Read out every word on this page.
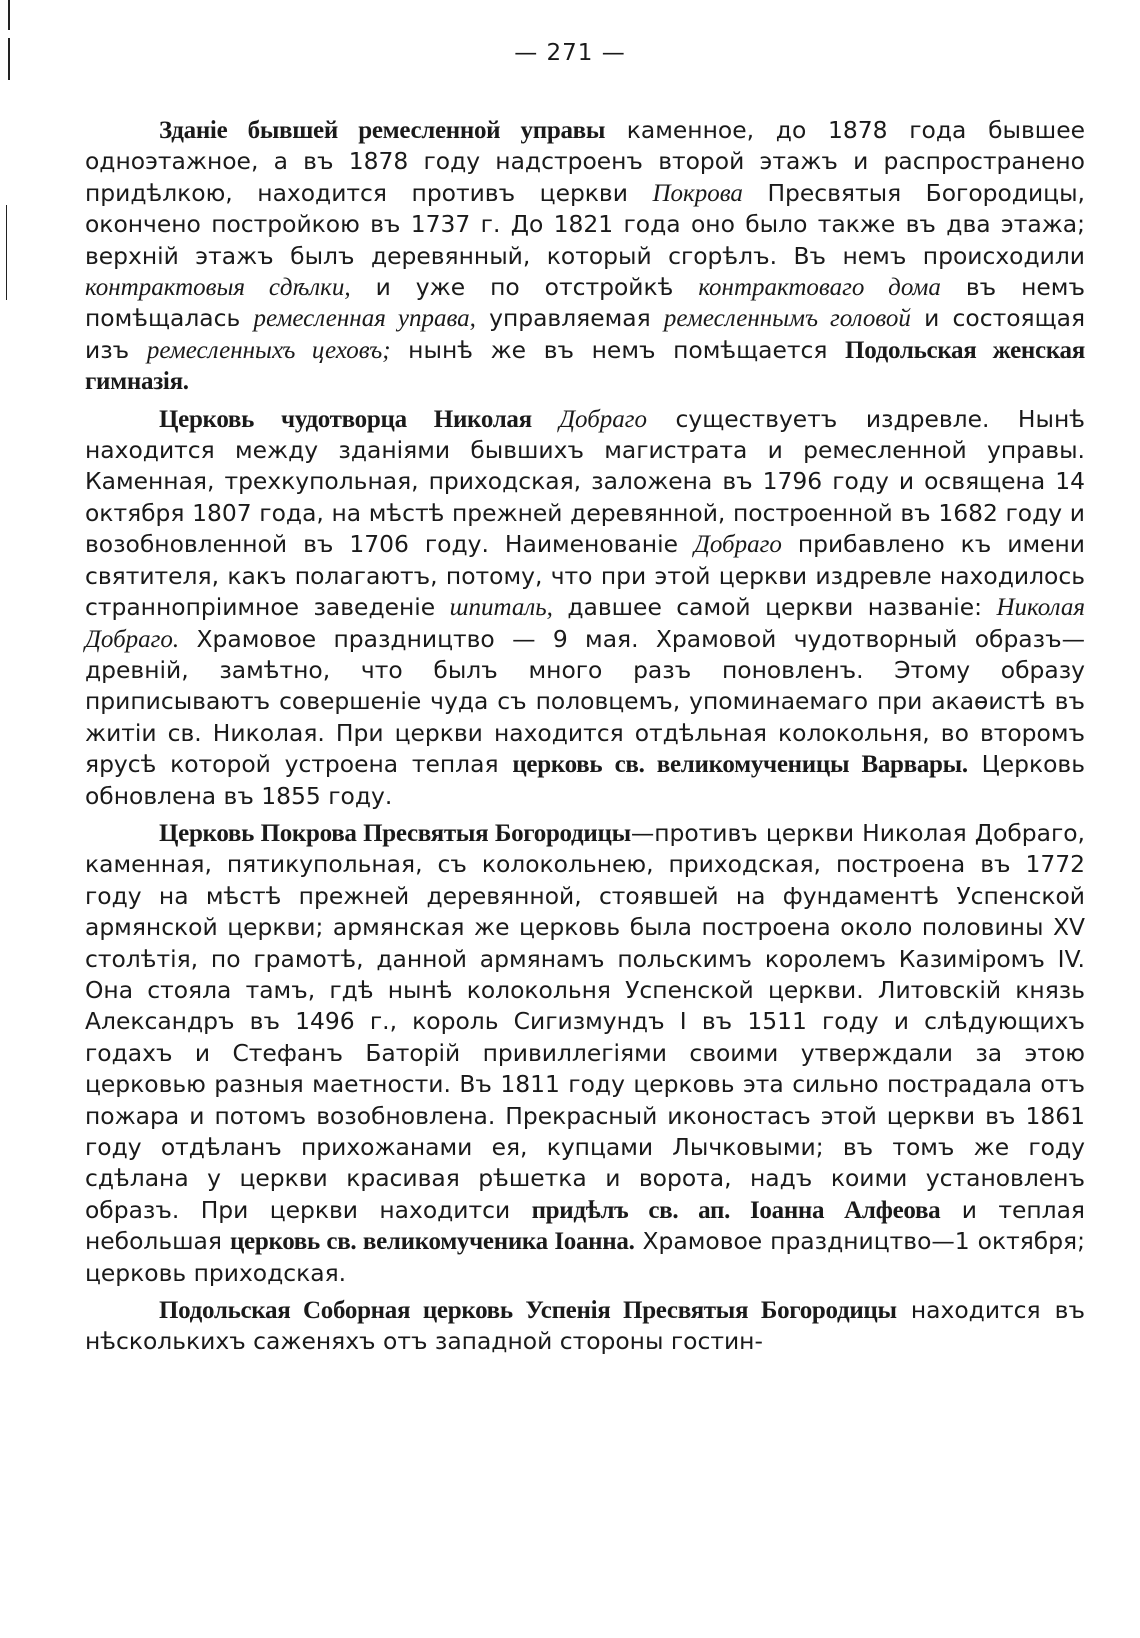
— 271 —

Зданіе бывшей ремесленной управы каменное, до 1878 года бывшее одноэтажное, а въ 1878 году надстроенъ второй этажъ и распространено придѣлкою, находится противъ церкви Покрова Пресвятыя Богородицы, окончено постройкою въ 1737 г. До 1821 года оно было также въ два этажа; верхній этажъ былъ деревянный, который сгорѣлъ. Въ немъ происходили контрактовыя сдѣлки, и уже по отстройкѣ контрактоваго дома въ немъ помѣщалась ремесленная управа, управляемая ремесленнымъ головой и состоящая изъ ремесленныхъ цеховъ; нынѣ же въ немъ помѣщается Подольская женская гимназія.

Церковь чудотворца Николая Добраго существуетъ издревле. Нынѣ находится между зданіями бывшихъ магистрата и ремесленной управы. Каменная, трехкупольная, приходская, заложена въ 1796 году и освящена 14 октября 1807 года, на мѣстѣ прежней деревянной, построенной въ 1682 году и возобновленной въ 1706 году. Наименованіе Добраго прибавлено къ имени святителя, какъ полагаютъ, потому, что при этой церкви издревле находилось страннопріимное заведеніе шпиталь, давшее самой церкви названіе: Николая Добраго. Храмовое праздництво — 9 мая. Храмовой чудотворный образъ—древній, замѣтно, что былъ много разъ поновленъ. Этому образу приписываютъ совершеніе чуда съ половцемъ, упоминаемаго при акаѳистѣ въ житіи св. Николая. При церкви находится отдѣльная колокольня, во второмъ ярусѣ которой устроена теплая церковь св. великомученицы Варвары. Церковь обновлена въ 1855 году.

Церковь Покрова Пресвятыя Богородицы—противъ церкви Николая Добраго, каменная, пятикупольная, съ колокольнею, приходская, построена въ 1772 году на мѣстѣ прежней деревянной, стоявшей на фундаментѣ Успенской армянской церкви; армянская же церковь была построена около половины XV столѣтія, по грамотѣ, данной армянамъ польскимъ королемъ Казиміромъ IV. Она стояла тамъ, гдѣ нынѣ колокольня Успенской церкви. Литовскій князь Александръ въ 1496 г., король Сигизмундъ I въ 1511 году и слѣдующихъ годахъ и Стефанъ Баторій привиллегіями своими утверждали за этою церковью разныя маетности. Въ 1811 году церковь эта сильно пострадала отъ пожара и потомъ возобновлена. Прекрасный иконостасъ этой церкви въ 1861 году отдѣланъ прихожанами ея, купцами Лычковыми; въ томъ же году сдѣлана у церкви красивая рѣшетка и ворота, надъ коими установленъ образъ. При церкви находитси придѣлъ св. ап. Іоанна Алфеова и теплая небольшая церковь св. великомученика Іоанна. Храмовое праздництво—1 октября; церковь приходская.

Подольская Соборная церковь Успенія Пресвятыя Богородицы находится въ нѣсколькихъ саженяхъ отъ западной стороны гостин-
